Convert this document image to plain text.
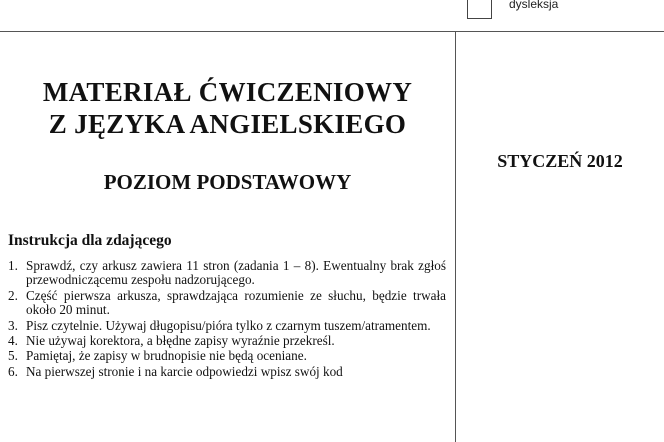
dysleksja
MATERIAŁ ĆWICZENIOWY
Z JĘZYKA ANGIELSKIEGO
POZIOM PODSTAWOWY
STYCZEŃ 2012
Instrukcja dla zdającego
1. Sprawdź, czy arkusz zawiera 11 stron (zadania 1 – 8). Ewentualny brak zgłoś przewodniczącemu zespołu nadzorującego.
2. Część pierwsza arkusza, sprawdzająca rozumienie ze słuchu, będzie trwała około 20 minut.
3. Pisz czytelnie. Używaj długopisu/pióra tylko z czarnym tuszem/atramentem.
4. Nie używaj korektora, a błędne zapisy wyraźnie przekreśl.
5. Pamiętaj, że zapisy w brudnopisie nie będą oceniane.
6. Na pierwszej stronie i na karcie odpowiedzi wpisz swój kod
